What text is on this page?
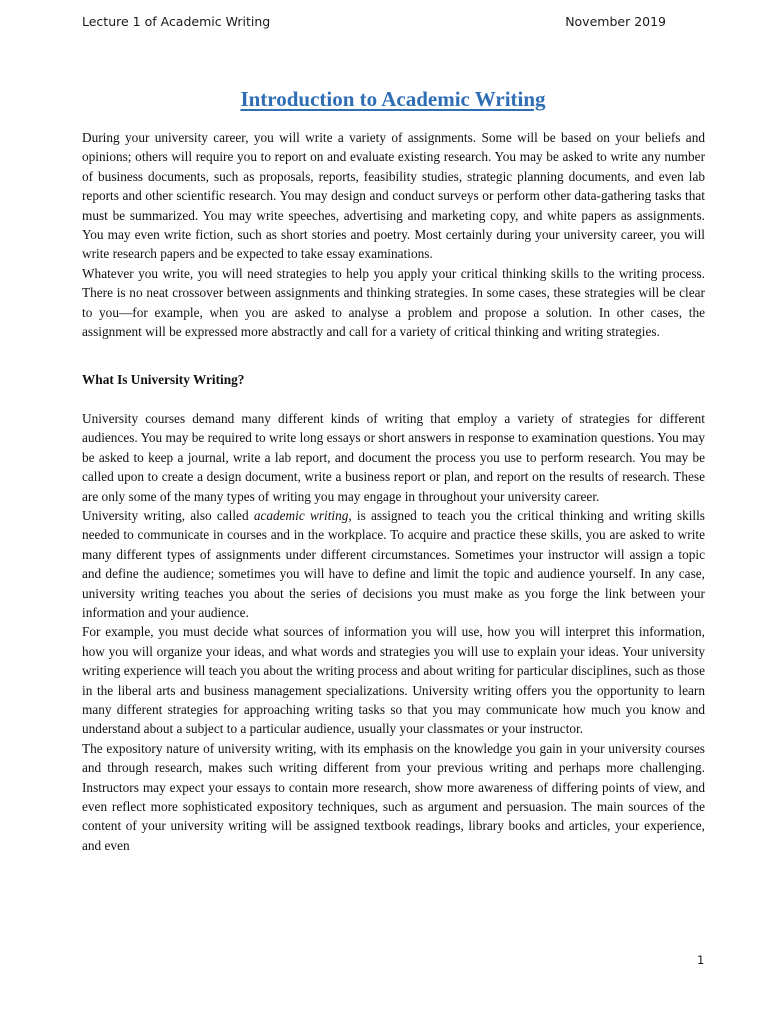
Lecture 1 of Academic Writing	November 2019
Introduction to Academic Writing

During your university career, you will write a variety of assignments. Some will be based on your beliefs and opinions; others will require you to report on and evaluate existing research. You may be asked to write any number of business documents, such as proposals, reports, feasibility studies, strategic planning documents, and even lab reports and other scientific research. You may design and conduct surveys or perform other data-gathering tasks that must be summarized. You may write speeches, advertising and marketing copy, and white papers as assignments. You may even write fiction, such as short stories and poetry. Most certainly during your university career, you will write research papers and be expected to take essay examinations.

Whatever you write, you will need strategies to help you apply your critical thinking skills to the writing process. There is no neat crossover between assignments and thinking strategies. In some cases, these strategies will be clear to you—for example, when you are asked to analyse a problem and propose a solution. In other cases, the assignment will be expressed more abstractly and call for a variety of critical thinking and writing strategies.

What Is University Writing?

University courses demand many different kinds of writing that employ a variety of strategies for different audiences. You may be required to write long essays or short answers in response to examination questions. You may be asked to keep a journal, write a lab report, and document the process you use to perform research. You may be called upon to create a design document, write a business report or plan, and report on the results of research. These are only some of the many types of writing you may engage in throughout your university career.

University writing, also called academic writing, is assigned to teach you the critical thinking and writing skills needed to communicate in courses and in the workplace. To acquire and practice these skills, you are asked to write many different types of assignments under different circumstances. Sometimes your instructor will assign a topic and define the audience; sometimes you will have to define and limit the topic and audience yourself. In any case, university writing teaches you about the series of decisions you must make as you forge the link between your information and your audience.

For example, you must decide what sources of information you will use, how you will interpret this information, how you will organize your ideas, and what words and strategies you will use to explain your ideas. Your university writing experience will teach you about the writing process and about writing for particular disciplines, such as those in the liberal arts and business management specializations. University writing offers you the opportunity to learn many different strategies for approaching writing tasks so that you may communicate how much you know and understand about a subject to a particular audience, usually your classmates or your instructor.

The expository nature of university writing, with its emphasis on the knowledge you gain in your university courses and through research, makes such writing different from your previous writing and perhaps more challenging. Instructors may expect your essays to contain more research, show more awareness of differing points of view, and even reflect more sophisticated expository techniques, such as argument and persuasion. The main sources of the content of your university writing will be assigned textbook readings, library books and articles, your experience, and even

1
